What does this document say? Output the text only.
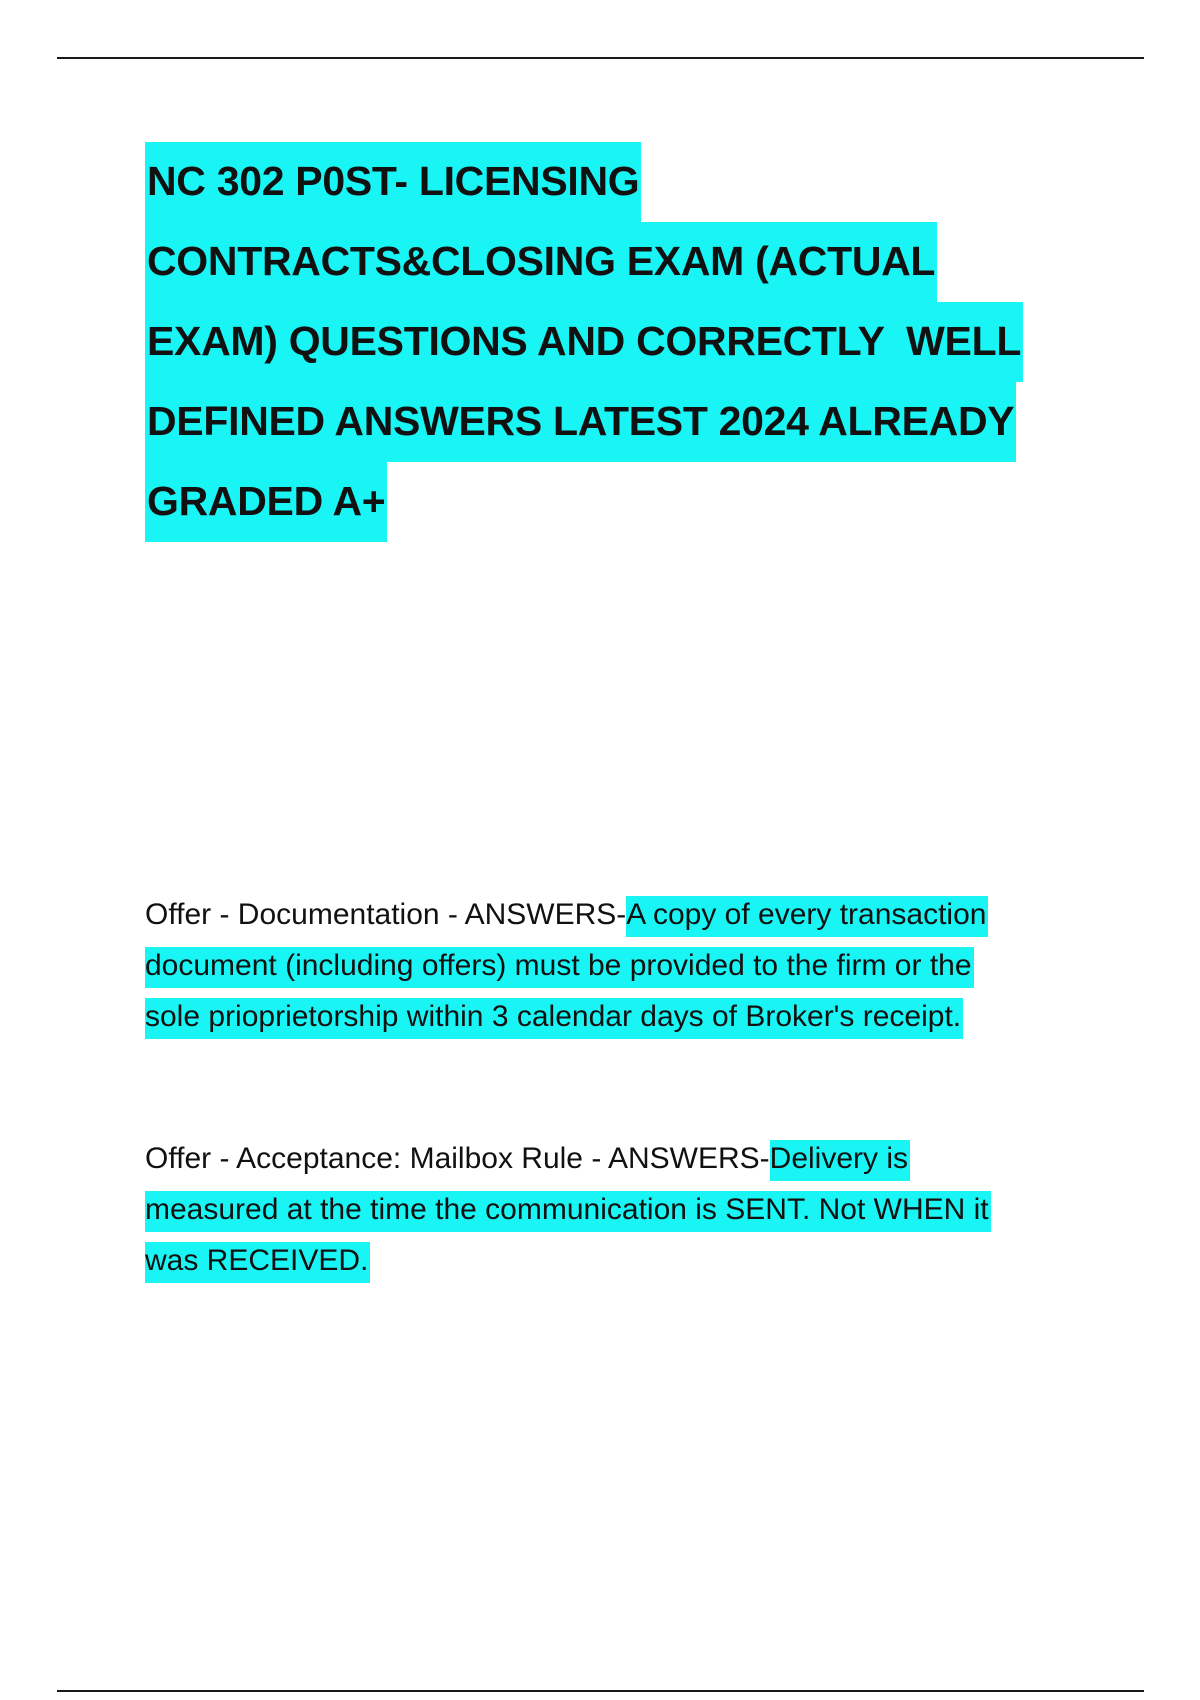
NC 302 P0ST- LICENSING
CONTRACTS&CLOSING EXAM (ACTUAL
EXAM) QUESTIONS AND CORRECTLY  WELL
DEFINED ANSWERS LATEST 2024 ALREADY
GRADED A+
Offer - Documentation - ANSWERS-A copy of every transaction
document (including offers) must be provided to the firm or the
sole priopriet​orship within 3 calendar days of Broker's receipt.
Offer - Acceptance: Mailbox Rule - ANSWERS-Delivery is
measured at the time the communication is SENT. Not WHEN it
was RECEIVED.
